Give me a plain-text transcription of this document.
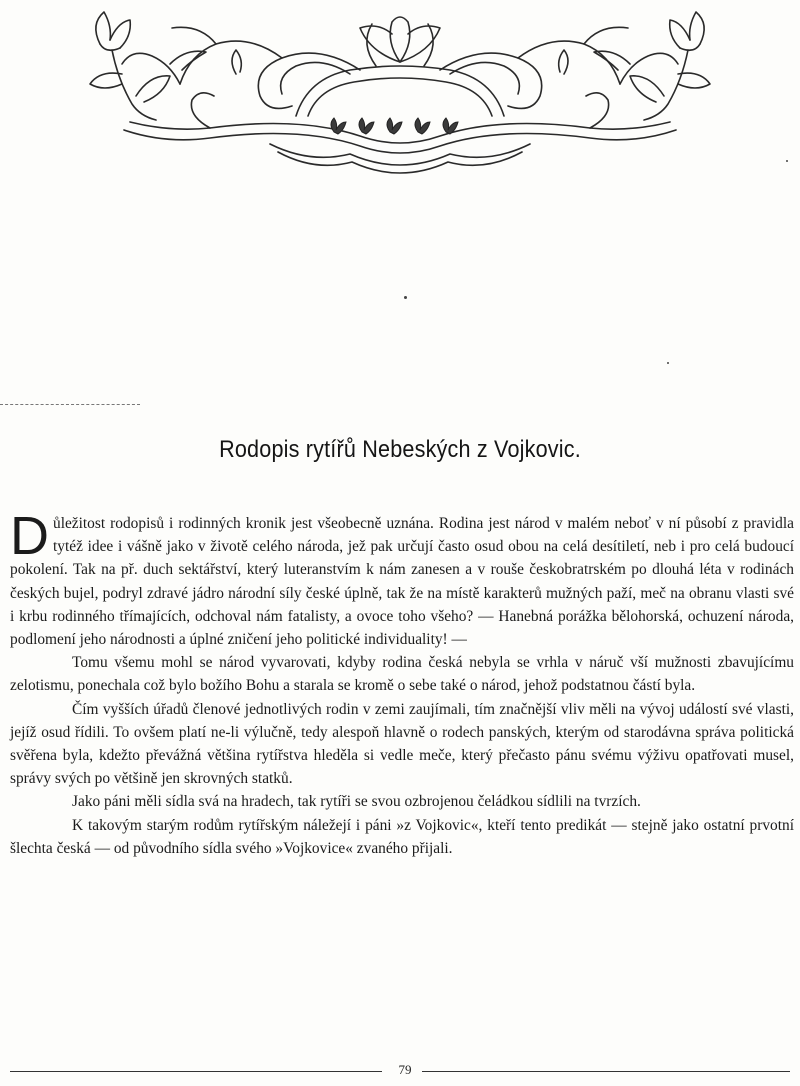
Rodopis rytířů Nebeských z Vojkovic.

Důležitost rodopisů i rodinných kronik jest všeobecně uznána. Rodina jest národ v malém neboť v ní působí z pravidla tytéž idee i vášně jako v životě celého národa, jež pak určují často osud obou na celá desítiletí, neb i pro celá budoucí pokolení. Tak na př. duch sektářství, který luteranstvím k nám zanesen a v rouše českobratrském po dlouhá léta v rodinách českých bujel, podryl zdravé jádro národní síly české úplně, tak že na místě karakterů mužných paží, meč na obranu vlasti své i krbu rodinného třímajících, odchoval nám fatalisty, a ovoce toho všeho? — Hanebná porážka bělohorská, ochuzení národa, podlomení jeho národnosti a úplné zničení jeho politické individuality! —

Tomu všemu mohl se národ vyvarovati, kdyby rodina česká nebyla se vrhla v náruč vší mužnosti zbavujícímu zelotismu, ponechala což bylo božího Bohu a starala se kromě o sebe také o národ, jehož podstatnou částí byla.

Čím vyšších úřadů členové jednotlivých rodin v zemi zaujímali, tím značnější vliv měli na vývoj událostí své vlasti, jejíž osud řídili. To ovšem platí ne-li výlučně, tedy alespoň hlavně o rodech panských, kterým od starodávna správa politická svěřena byla, kdežto převážná většina rytířstva hleděla si vedle meče, který přečasto pánu svému výživu opatřovati musel, správy svých po většině jen skrovných statků.

Jako páni měli sídla svá na hradech, tak rytíři se svou ozbrojenou čeládkou sídlili na tvrzích.

K takovým starým rodům rytířským náležejí i páni »z Vojkovic«, kteří tento predikát — stejně jako ostatní prvotní šlechta česká — od původního sídla svého »Vojkovice« zvaného přijali.

79
